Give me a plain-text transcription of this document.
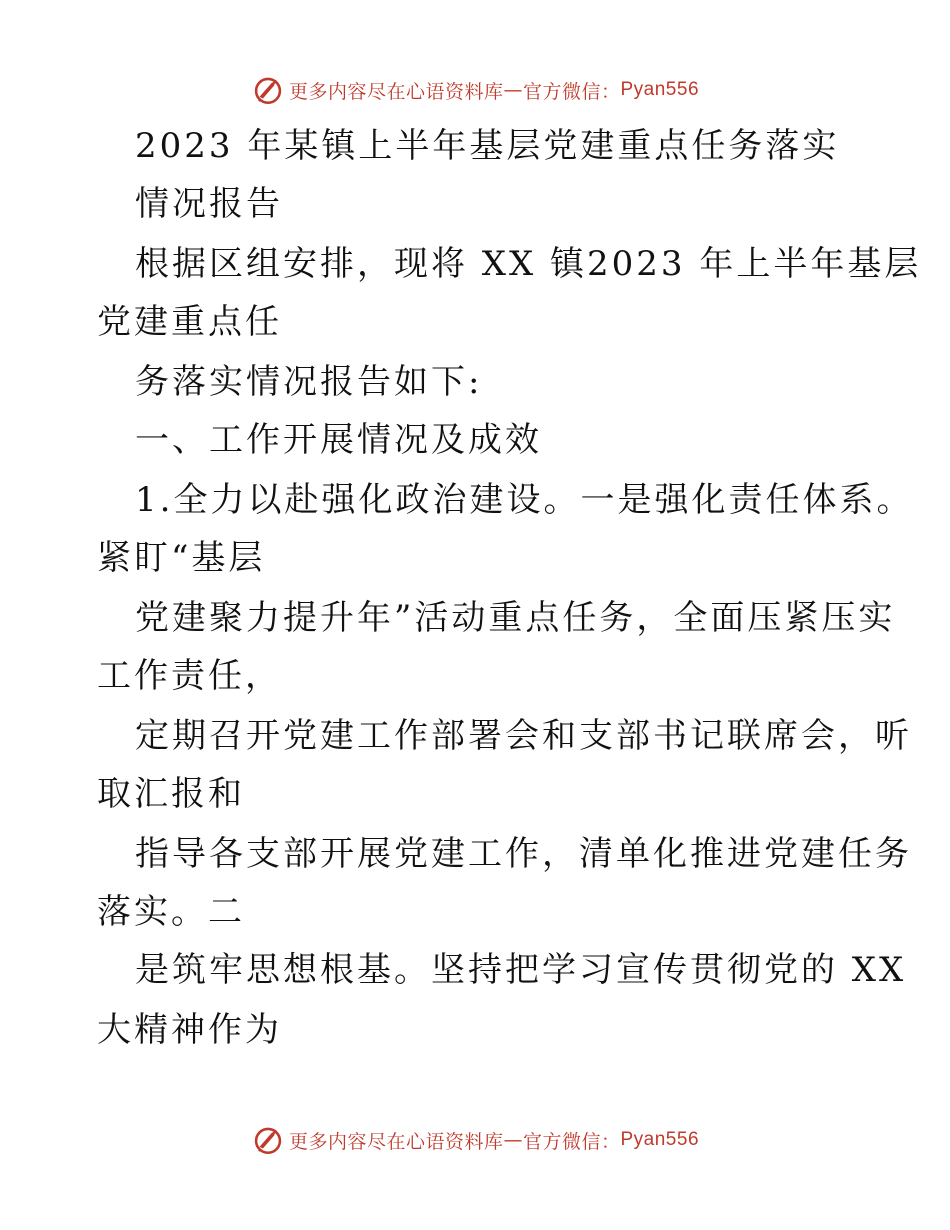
更多内容尽在心语资料库 — 官方微信： Pyan556
2023 年某镇上半年基层党建重点任务落实
情况报告
根据区组安排，现将 XX 镇2023 年上半年基层
党建重点任
务落实情况报告如下:
一、工作开展情况及成效
1.全力以赴强化政治建设。一是强化责任体系。
紧盯“基层
党建聚力提升年”活动重点任务，全面压紧压实
工作责任，
定期召开党建工作部署会和支部书记联席会，听
取汇报和
指导各支部开展党建工作，清单化推进党建任务
落实。二
是筑牢思想根基。坚持把学习宣传贯彻党的 XX
大精神作为
更多内容尽在心语资料库 — 官方微信： Pyan556
